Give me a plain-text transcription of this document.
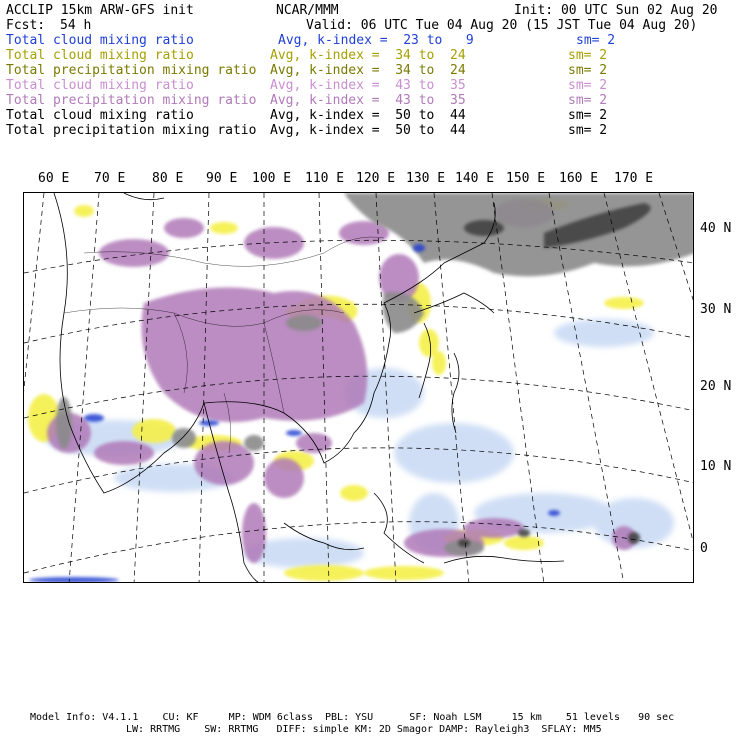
ACCLIP 15km ARW-GFS init	NCAR/MMM	Init: 00 UTC Sun 02 Aug 20
Fcst: 54 h	Valid: 06 UTC Tue 04 Aug 20 (15 JST Tue 04 Aug 20)
Total cloud mixing ratio	Avg, k-index =  23 to   9	sm= 2
Total cloud mixing ratio	Avg, k-index =  34 to  24	sm= 2
Total precipitation mixing ratio Avg, k-index =  34 to  24	sm= 2
Total cloud mixing ratio	Avg, k-index =  43 to  35	sm= 2
Total precipitation mixing ratio Avg, k-index =  43 to  35	sm= 2
Total cloud mixing ratio	Avg, k-index =  50 to  44	sm= 2
Total precipitation mixing ratio Avg, k-index =  50 to  44	sm= 2
60 E 70 E 80 E 90 E 100 E 110 E 120 E 130 E 140 E 150 E 160 E 170 E
40 N
30 N
20 N
10 N
0
Model Info: V4.1.1    CU: KF     MP: WDM 6class  PBL: YSU      SF: Noah LSM     15 km    51 levels   90 sec
LW: RRTMG    SW: RRTMG   DIFF: simple KM: 2D Smagor DAMP: Rayleigh3  SFLAY: MM5
